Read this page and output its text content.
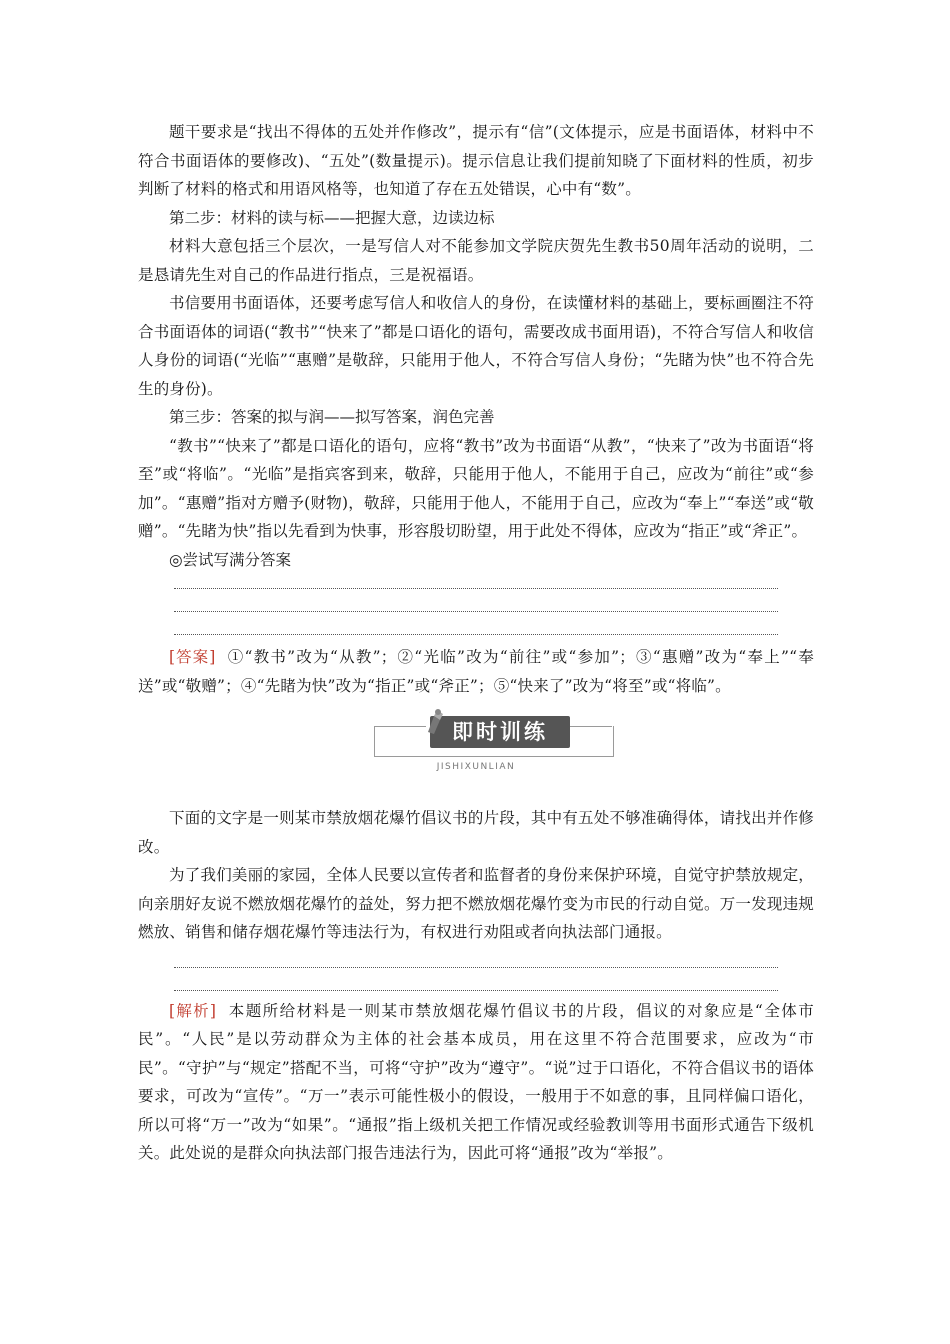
题干要求是“找出不得体的五处并作修改”，提示有“信”(文体提示，应是书面语体，材料中不符合书面语体的要修改)、“五处”(数量提示)。提示信息让我们提前知晓了下面材料的性质，初步判断了材料的格式和用语风格等，也知道了存在五处错误，心中有“数”。

第二步：材料的读与标——把握大意，边读边标

材料大意包括三个层次，一是写信人对不能参加文学院庆贺先生教书50周年活动的说明，二是恳请先生对自己的作品进行指点，三是祝福语。

书信要用书面语体，还要考虑写信人和收信人的身份，在读懂材料的基础上，要标画圈注不符合书面语体的词语(“教书”“快来了”都是口语化的语句，需要改成书面用语)，不符合写信人和收信人身份的词语(“光临”“惠赠”是敬辞，只能用于他人，不符合写信人身份；“先睹为快”也不符合先生的身份)。

第三步：答案的拟与润——拟写答案，润色完善

“教书”“快来了”都是口语化的语句，应将“教书”改为书面语“从教”，“快来了”改为书面语“将至”或“将临”。“光临”是指宾客到来，敬辞，只能用于他人，不能用于自己，应改为“前往”或“参加”。“惠赠”指对方赠予(财物)，敬辞，只能用于他人，不能用于自己，应改为“奉上”“奉送”或“敬赠”。“先睹为快”指以先看到为快事，形容殷切盼望，用于此处不得体，应改为“指正”或“斧正”。

◎尝试写满分答案

[答案] ①“教书”改为“从教”；②“光临”改为“前往”或“参加”；③“惠赠”改为“奉上”“奉送”或“敬赠”；④“先睹为快”改为“指正”或“斧正”；⑤“快来了”改为“将至”或“将临”。

即时训练
JISHIXUNLIAN

下面的文字是一则某市禁放烟花爆竹倡议书的片段，其中有五处不够准确得体，请找出并作修改。

为了我们美丽的家园，全体人民要以宣传者和监督者的身份来保护环境，自觉守护禁放规定，向亲朋好友说不燃放烟花爆竹的益处，努力把不燃放烟花爆竹变为市民的行动自觉。万一发现违规燃放、销售和储存烟花爆竹等违法行为，有权进行劝阻或者向执法部门通报。

[解析] 本题所给材料是一则某市禁放烟花爆竹倡议书的片段，倡议的对象应是“全体市民”。“人民”是以劳动群众为主体的社会基本成员，用在这里不符合范围要求，应改为“市民”。“守护”与“规定”搭配不当，可将“守护”改为“遵守”。“说”过于口语化，不符合倡议书的语体要求，可改为“宣传”。“万一”表示可能性极小的假设，一般用于不如意的事，且同样偏口语化，所以可将“万一”改为“如果”。“通报”指上级机关把工作情况或经验教训等用书面形式通告下级机关。此处说的是群众向执法部门报告违法行为，因此可将“通报”改为“举报”。
